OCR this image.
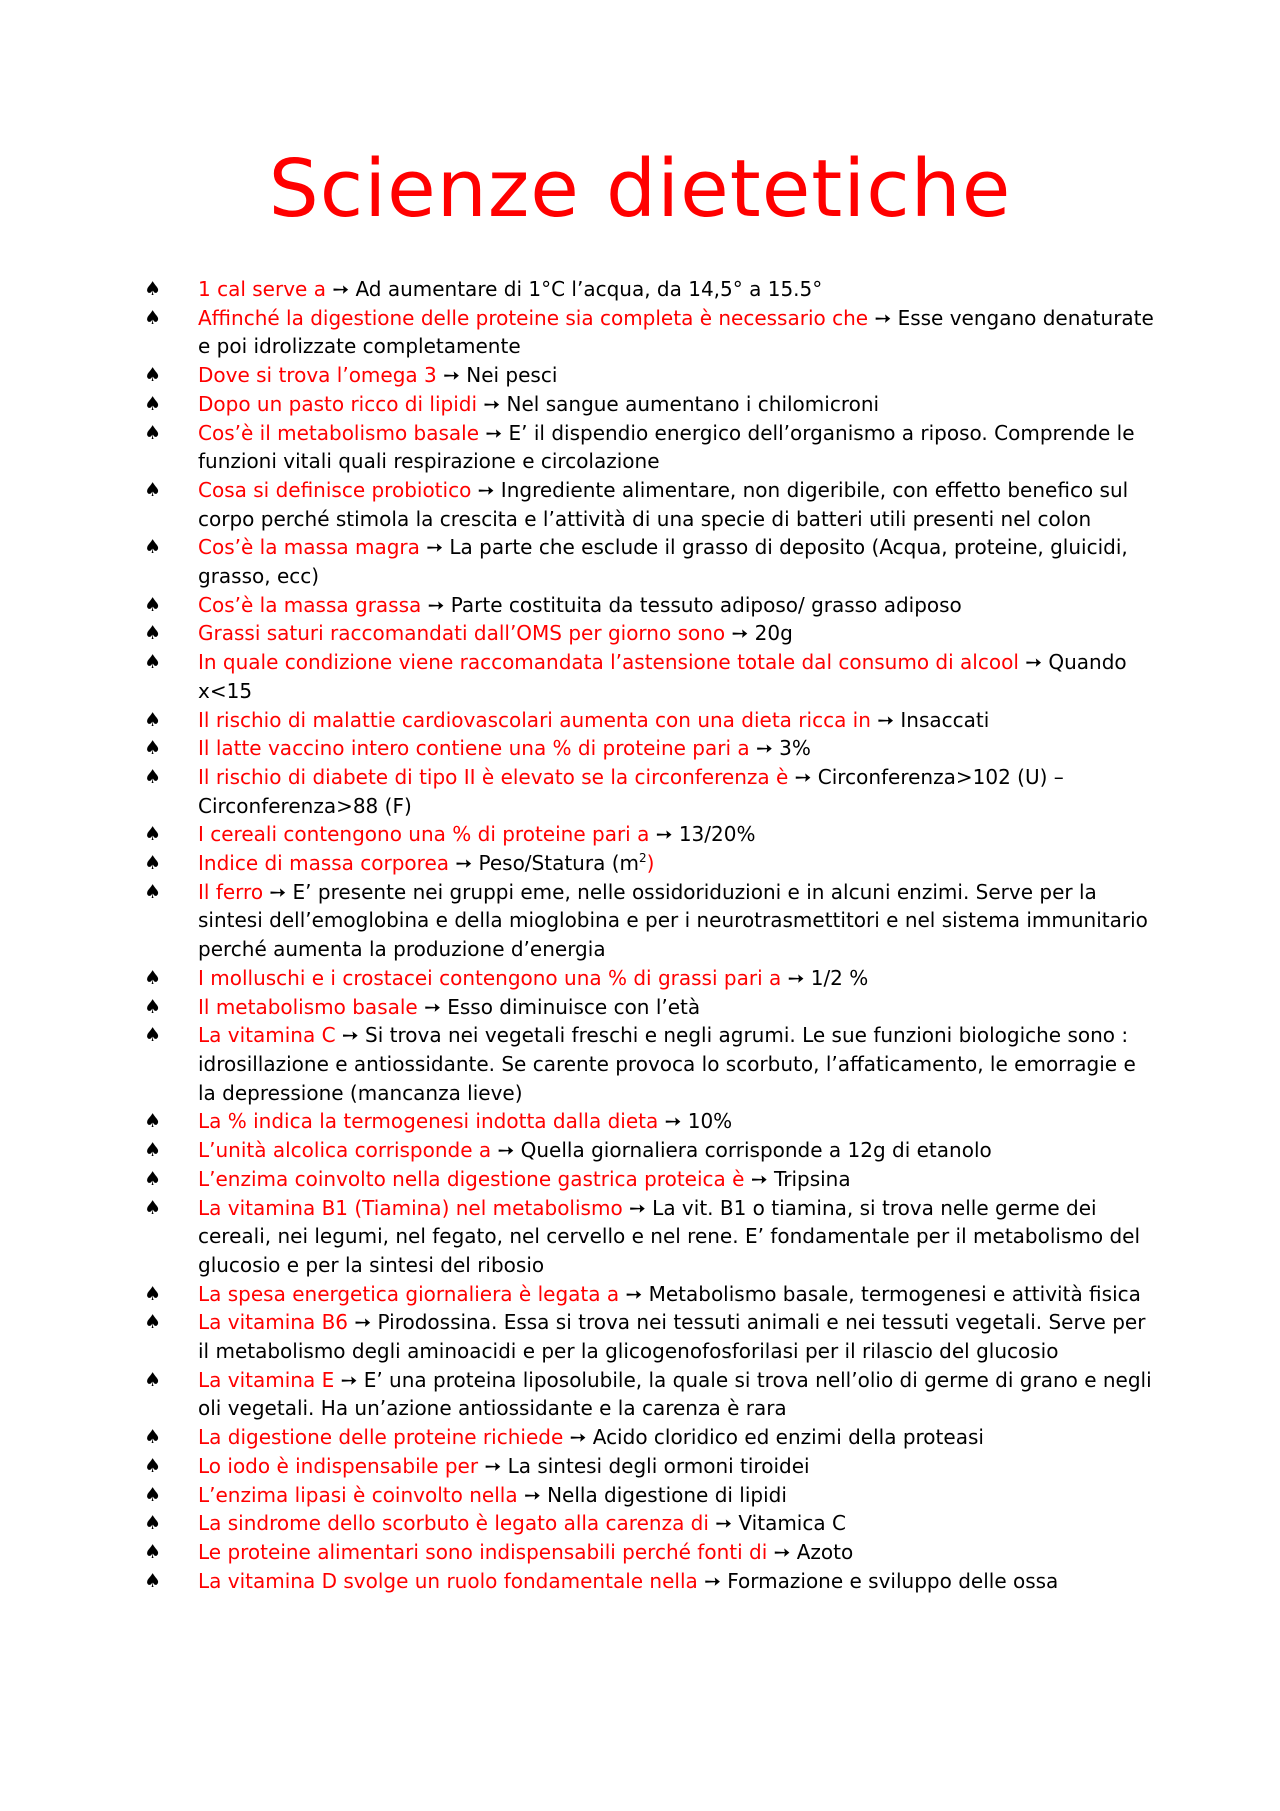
Scienze dietetiche
♠ 1 cal serve a ➙ Ad aumentare di 1°C l’acqua, da 14,5° a 15.5°
♠ Affinché la digestione delle proteine sia completa è necessario che ➙ Esse vengano denaturate e poi idrolizzate completamente
♠ Dove si trova l’omega 3 ➙ Nei pesci
♠ Dopo un pasto ricco di lipidi ➙ Nel sangue aumentano i chilomicroni
♠ Cos’è il metabolismo basale ➙ E’ il dispendio energico dell’organismo a riposo. Comprende le funzioni vitali quali respirazione e circolazione
♠ Cosa si definisce probiotico ➙ Ingrediente alimentare, non digeribile, con effetto benefico sul corpo perché stimola la crescita e l’attività di una specie di batteri utili presenti nel colon
♠ Cos’è la massa magra ➙ La parte che esclude il grasso di deposito (Acqua, proteine, gluicidi, grasso, ecc)
♠ Cos’è la massa grassa ➙ Parte costituita da tessuto adiposo/ grasso adiposo
♠ Grassi saturi raccomandati dall’OMS per giorno sono ➙ 20g
♠ In quale condizione viene raccomandata l’astensione totale dal consumo di alcool ➙ Quando x<15
♠ Il rischio di malattie cardiovascolari aumenta con una dieta ricca in ➙ Insaccati
♠ Il latte vaccino intero contiene una % di proteine pari a ➙ 3%
♠ Il rischio di diabete di tipo II è elevato se la circonferenza è ➙ Circonferenza>102 (U) – Circonferenza>88 (F)
♠ I cereali contengono una % di proteine pari a ➙ 13/20%
♠ Indice di massa corporea ➙ Peso/Statura $(m^2)$
♠ Il ferro ➙ E’ presente nei gruppi eme, nelle ossidoriduzioni e in alcuni enzimi. Serve per la sintesi dell’emoglobina e della mioglobina e per i neurotrasmettitori e nel sistema immunitario perché aumenta la produzione d’energia
♠ I molluschi e i crostacei contengono una % di grassi pari a ➙ 1/2 %
♠ Il metabolismo basale ➙ Esso diminuisce con l’età
♠ La vitamina C ➙ Si trova nei vegetali freschi e negli agrumi. Le sue funzioni biologiche sono : idrosillazione e antiossidante. Se carente provoca lo scorbuto, l’affaticamento, le emorragie e la depressione (mancanza lieve)
♠ La % indica la termogenesi indotta dalla dieta ➙ 10%
♠ L’unità alcolica corrisponde a ➙ Quella giornaliera corrisponde a 12g di etanolo
♠ L’enzima coinvolto nella digestione gastrica proteica è ➙ Tripsina
♠ La vitamina B1 (Tiamina) nel metabolismo ➙ La vit. B1 o tiamina, si trova nelle germe dei cereali, nei legumi, nel fegato, nel cervello e nel rene. E’ fondamentale per il metabolismo del glucosio e per la sintesi del ribosio
♠ La spesa energetica giornaliera è legata a ➙ Metabolismo basale, termogenesi e attività fisica
♠ La vitamina B6 ➙ Pirodossina. Essa si trova nei tessuti animali e nei tessuti vegetali. Serve per il metabolismo degli aminoacidi e per la glicogenofosforilasi per il rilascio del glucosio
♠ La vitamina E ➙ E’ una proteina liposolubile, la quale si trova nell’olio di germe di grano e negli oli vegetali. Ha un’azione antiossidante e la carenza è rara
♠ La digestione delle proteine richiede ➙ Acido cloridico ed enzimi della proteasi
♠ Lo iodo è indispensabile per ➙ La sintesi degli ormoni tiroidei
♠ L’enzima lipasi è coinvolto nella ➙ Nella digestione di lipidi
♠ La sindrome dello scorbuto è legato alla carenza di ➙ Vitamica C
♠ Le proteine alimentari sono indispensabili perché fonti di ➙ Azoto
♠ La vitamina D svolge un ruolo fondamentale nella ➙ Formazione e sviluppo delle ossa
